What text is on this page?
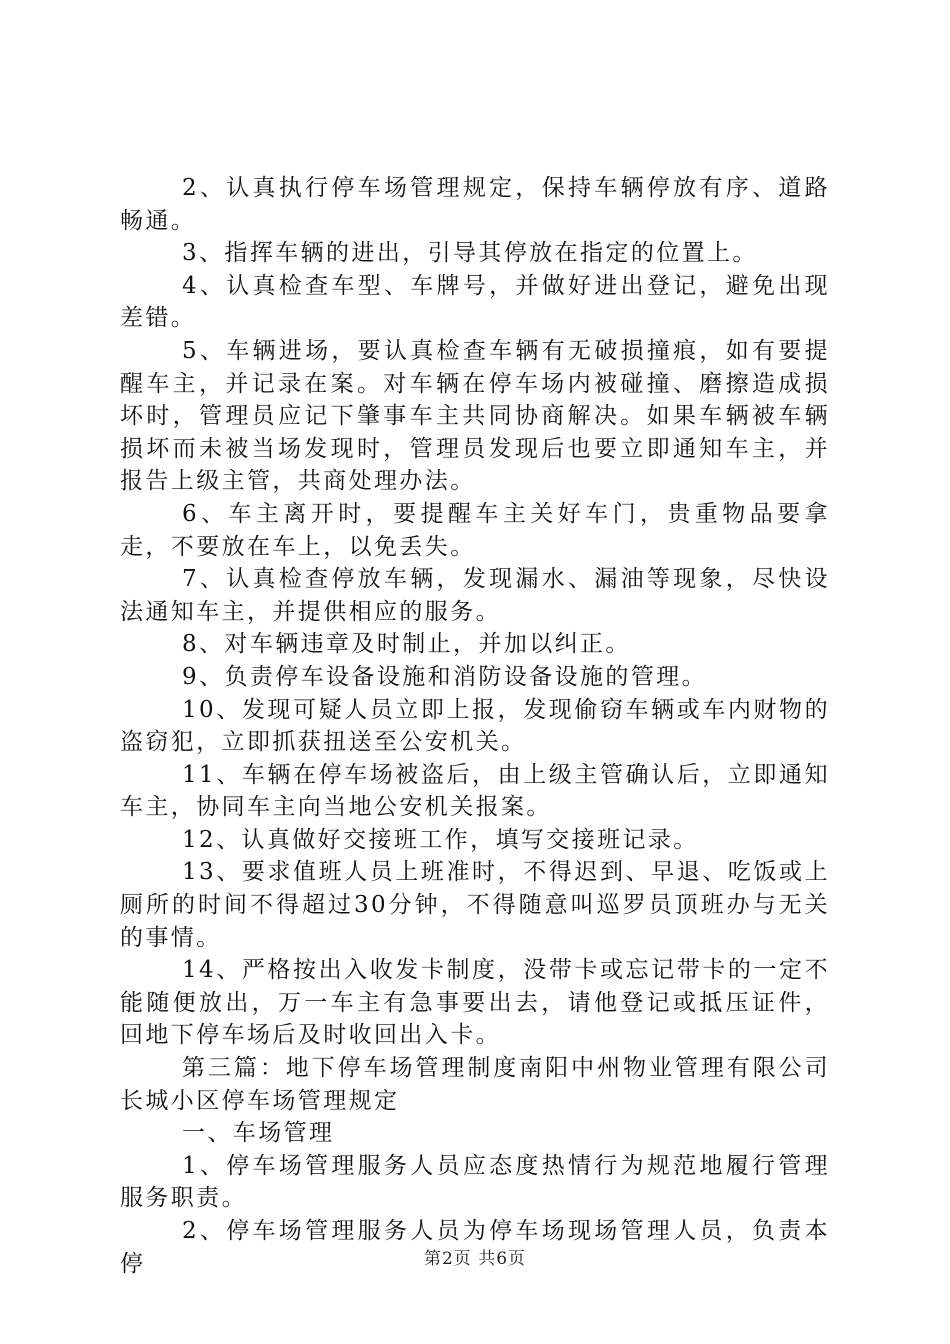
2、认真执行停车场管理规定，保持车辆停放有序、道路畅通。

3、指挥车辆的进出，引导其停放在指定的位置上。

4、认真检查车型、车牌号，并做好进出登记，避免出现差错。

5、车辆进场，要认真检查车辆有无破损撞痕，如有要提醒车主，并记录在案。对车辆在停车场内被碰撞、磨擦造成损坏时，管理员应记下肇事车主共同协商解决。如果车辆被车辆损坏而未被当场发现时，管理员发现后也要立即通知车主，并报告上级主管，共商处理办法。

6、车主离开时，要提醒车主关好车门，贵重物品要拿走，不要放在车上，以免丢失。

7、认真检查停放车辆，发现漏水、漏油等现象，尽快设法通知车主，并提供相应的服务。

8、对车辆违章及时制止，并加以纠正。

9、负责停车设备设施和消防设备设施的管理。

10、发现可疑人员立即上报，发现偷窃车辆或车内财物的盗窃犯，立即抓获扭送至公安机关。

11、车辆在停车场被盗后，由上级主管确认后，立即通知车主，协同车主向当地公安机关报案。

12、认真做好交接班工作，填写交接班记录。

13、要求值班人员上班准时，不得迟到、早退、吃饭或上厕所的时间不得超过30分钟，不得随意叫巡罗员顶班办与无关的事情。

14、严格按出入收发卡制度，没带卡或忘记带卡的一定不能随便放出，万一车主有急事要出去，请他登记或抵压证件，回地下停车场后及时收回出入卡。

第三篇：地下停车场管理制度南阳中州物业管理有限公司长城小区停车场管理规定

一、车场管理

1、停车场管理服务人员应态度热情行为规范地履行管理服务职责。

2、停车场管理服务人员为停车场现场管理人员，负责本停	第2页 共6页
